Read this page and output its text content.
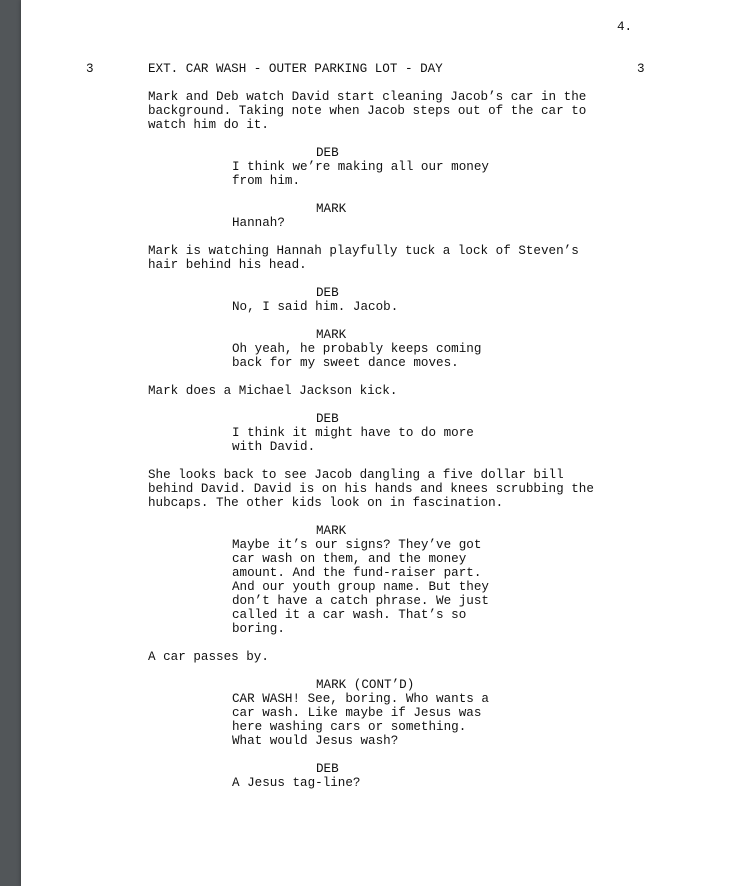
4.

3	EXT. CAR WASH - OUTER PARKING LOT - DAY	3

Mark and Deb watch David start cleaning Jacob’s car in the

background. Taking note when Jacob steps out of the car to

watch him do it.

DEB

I think we’re making all our money

from him.

MARK

Hannah?

Mark is watching Hannah playfully tuck a lock of Steven’s

hair behind his head.

DEB

No, I said him. Jacob.

MARK

Oh yeah, he probably keeps coming

back for my sweet dance moves.

Mark does a Michael Jackson kick.

DEB

I think it might have to do more

with David.

She looks back to see Jacob dangling a five dollar bill

behind David. David is on his hands and knees scrubbing the

hubcaps. The other kids look on in fascination.

MARK

Maybe it’s our signs? They’ve got

car wash on them, and the money

amount. And the fund-raiser part.

And our youth group name. But they

don’t have a catch phrase. We just

called it a car wash. That’s so

boring.

A car passes by.

MARK (CONT’D)

CAR WASH! See, boring. Who wants a

car wash. Like maybe if Jesus was

here washing cars or something.

What would Jesus wash?

DEB

A Jesus tag-line?
